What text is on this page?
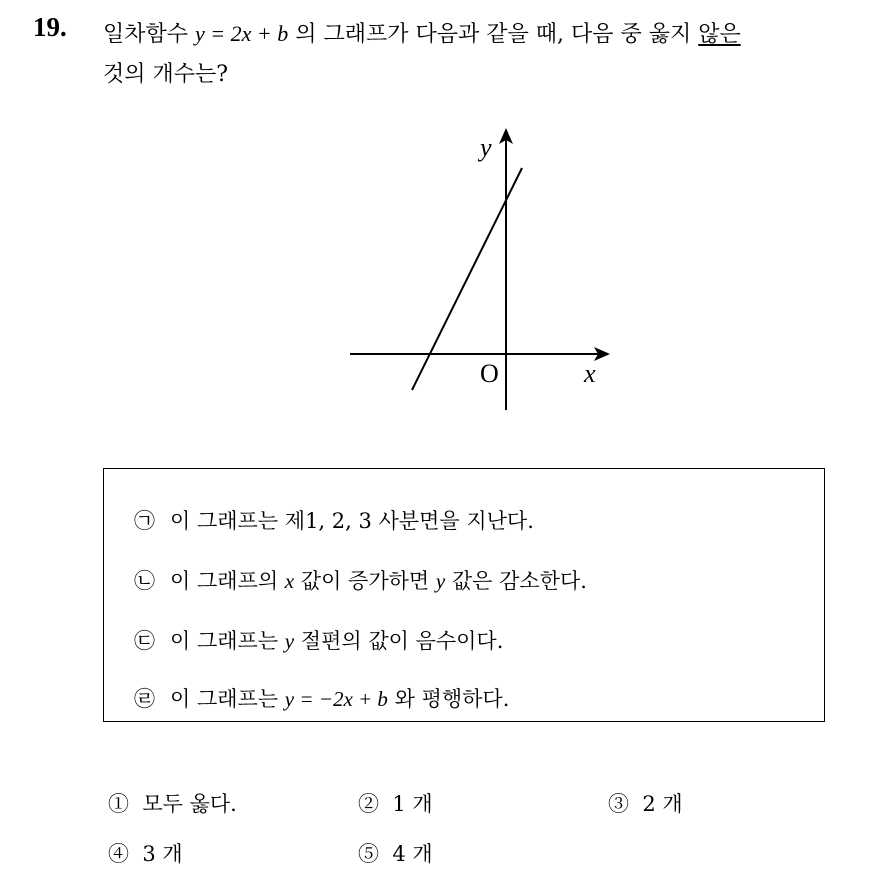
19. 일차함수 y = 2x + b 의 그래프가 다음과 같을 때, 다음 중 옳지 않은
것의 개수는?
y
x
O
㉠ 이 그래프는 제1, 2, 3 사분면을 지난다.
㉡ 이 그래프의 x 값이 증가하면 y 값은 감소한다.
㉢ 이 그래프는 y 절편의 값이 음수이다.
㉣ 이 그래프는 y = −2x + b 와 평행하다.
① 모두 옳다.	② 1 개	③ 2 개
④ 3 개	⑤ 4 개
